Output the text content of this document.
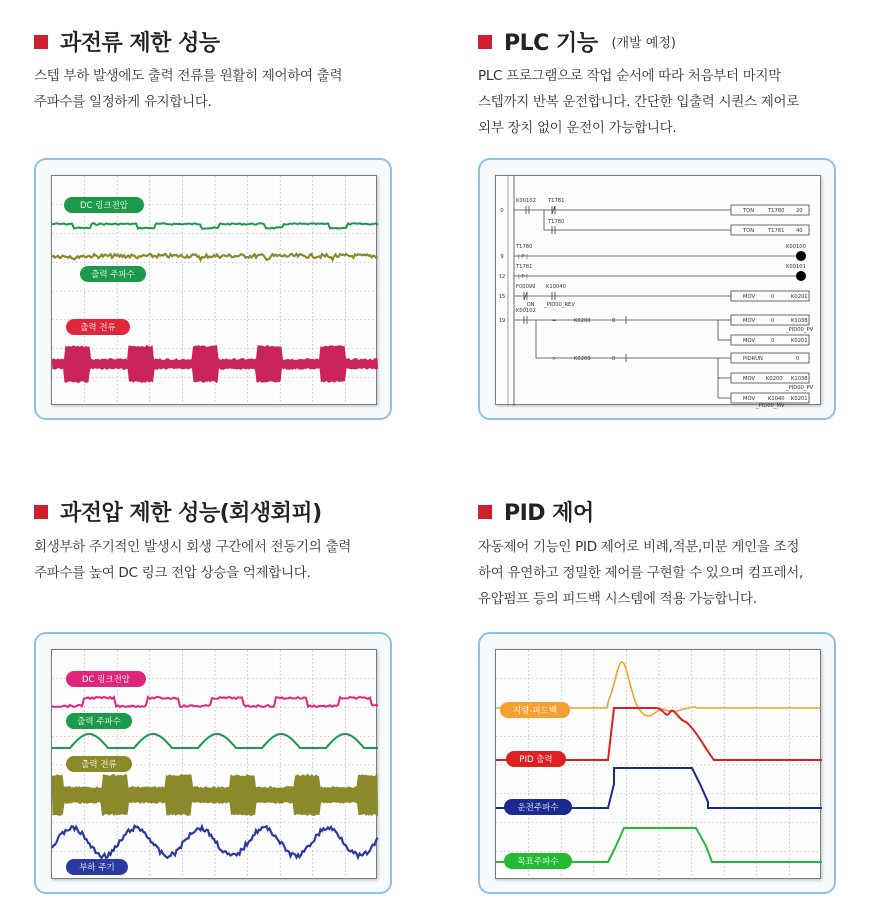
과전류 제한 성능

스텝 부하 발생에도 출력 전류를 원활히 제어하여 출력

주파수를 일정하게 유지합니다.

DC 링크전압
출력 주파수
출력 전류
PLC 기능 (개발 예정)

PLC 프로그램으로 작업 순서에 따라 처음부터 마지막

스텝까지 반복 운전합니다. 간단한 입출력 시퀀스 제어로

외부 장치 없이 운전이 가능합니다.

0
9
12
15
19
K00102 T1781
T1780
TON	T1780 20
TON	T1781 40
T1780
| P |
K00100
T1781
| P |
K00101
F00099 K10040
_ON _PID00_REV
MOV	0	K0201
K00102
=	K0200	0	MOV	0	K1038
_PID00_PV
MOV	0	K0201
>	K0200	0	PIDRUN	0
MOV K0200 K1038
_PID00_PV
MOV K1040 K0201
_PID00_MV
과전압 제한 성능(회생회피)

회생부하 주기적인 발생시 회생 구간에서 전동기의 출력

주파수를 높여 DC 링크 전압 상승을 억제합니다.

DC 링크전압
출력 주파수
출력 전류
부하 주기
PID 제어

자동제어 기능인 PID 제어로 비례,적분,미분 게인을 조정

하여 유연하고 정밀한 제어를 구현할 수 있으며 컴프레서,

유압펌프 등의 피드백 시스템에 적용 가능합니다.

지령-피드백
PID 출력
운전주파수
목표주파수
